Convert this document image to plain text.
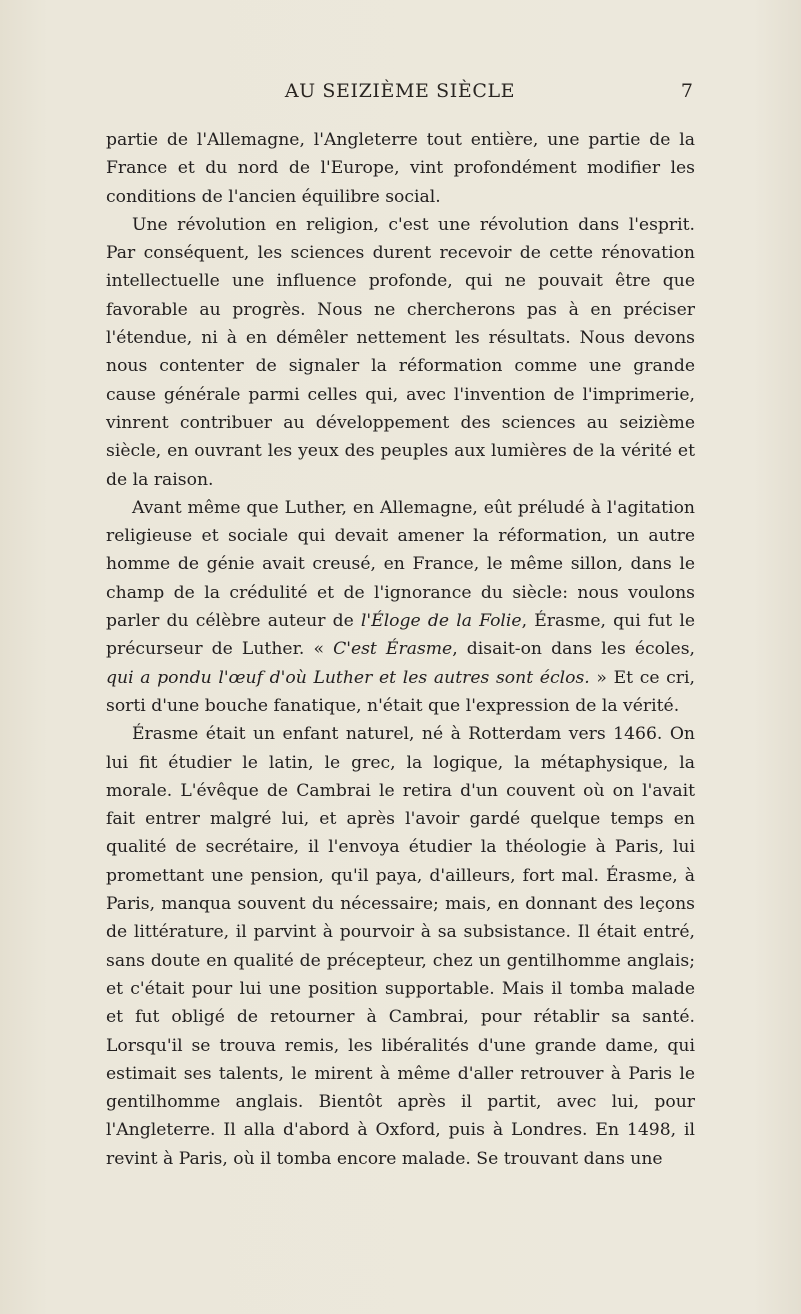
AU SEIZIÈME SIÈCLE	7

partie de l'Allemagne, l'Angleterre tout entière, une partie de la France et du nord de l'Europe, vint profondément modifier les conditions de l'ancien équilibre social.

Une révolution en religion, c'est une révolution dans l'esprit. Par conséquent, les sciences durent recevoir de cette rénovation intellectuelle une influence profonde, qui ne pouvait être que favorable au progrès. Nous ne chercherons pas à en préciser l'étendue, ni à en démêler nettement les résultats. Nous devons nous contenter de signaler la réformation comme une grande cause générale parmi celles qui, avec l'invention de l'imprimerie, vinrent contribuer au développement des sciences au seizième siècle, en ouvrant les yeux des peuples aux lumières de la vérité et de la raison.

Avant même que Luther, en Allemagne, eût préludé à l'agitation religieuse et sociale qui devait amener la réformation, un autre homme de génie avait creusé, en France, le même sillon, dans le champ de la crédulité et de l'ignorance du siècle: nous voulons parler du célèbre auteur de l'Éloge de la Folie, Érasme, qui fut le précurseur de Luther. « C'est Érasme, disait-on dans les écoles, qui a pondu l'œuf d'où Luther et les autres sont éclos. » Et ce cri, sorti d'une bouche fanatique, n'était que l'expression de la vérité.

Érasme était un enfant naturel, né à Rotterdam vers 1466. On lui fit étudier le latin, le grec, la logique, la métaphysique, la morale. L'évêque de Cambrai le retira d'un couvent où on l'avait fait entrer malgré lui, et après l'avoir gardé quelque temps en qualité de secrétaire, il l'envoya étudier la théologie à Paris, lui promettant une pension, qu'il paya, d'ailleurs, fort mal. Érasme, à Paris, manqua souvent du nécessaire; mais, en donnant des leçons de littérature, il parvint à pourvoir à sa subsistance. Il était entré, sans doute en qualité de précepteur, chez un gentilhomme anglais; et c'était pour lui une position supportable. Mais il tomba malade et fut obligé de retourner à Cambrai, pour rétablir sa santé. Lorsqu'il se trouva remis, les libéralités d'une grande dame, qui estimait ses talents, le mirent à même d'aller retrouver à Paris le gentilhomme anglais. Bientôt après il partit, avec lui, pour l'Angleterre. Il alla d'abord à Oxford, puis à Londres. En 1498, il revint à Paris, où il tomba encore malade. Se trouvant dans une
